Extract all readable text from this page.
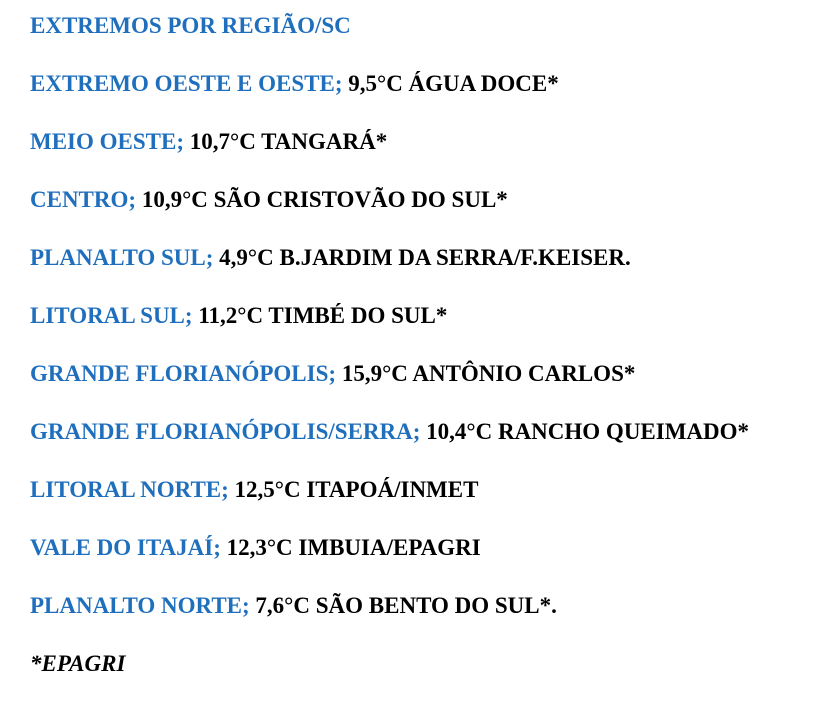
EXTREMOS POR REGIÃO/SC
EXTREMO OESTE E OESTE; 9,5°C ÁGUA DOCE*
MEIO OESTE; 10,7°C TANGARÁ*
CENTRO; 10,9°C SÃO CRISTOVÃO DO SUL*
PLANALTO SUL; 4,9°C B.JARDIM DA SERRA/F.KEISER.
LITORAL SUL; 11,2°C TIMBÉ DO SUL*
GRANDE FLORIANÓPOLIS; 15,9°C ANTÔNIO CARLOS*
GRANDE FLORIANÓPOLIS/SERRA; 10,4°C RANCHO QUEIMADO*
LITORAL NORTE; 12,5°C ITAPOÁ/INMET
VALE DO ITAJAÍ; 12,3°C IMBUIA/EPAGRI
PLANALTO NORTE; 7,6°C SÃO BENTO DO SUL*.
*EPAGRI
